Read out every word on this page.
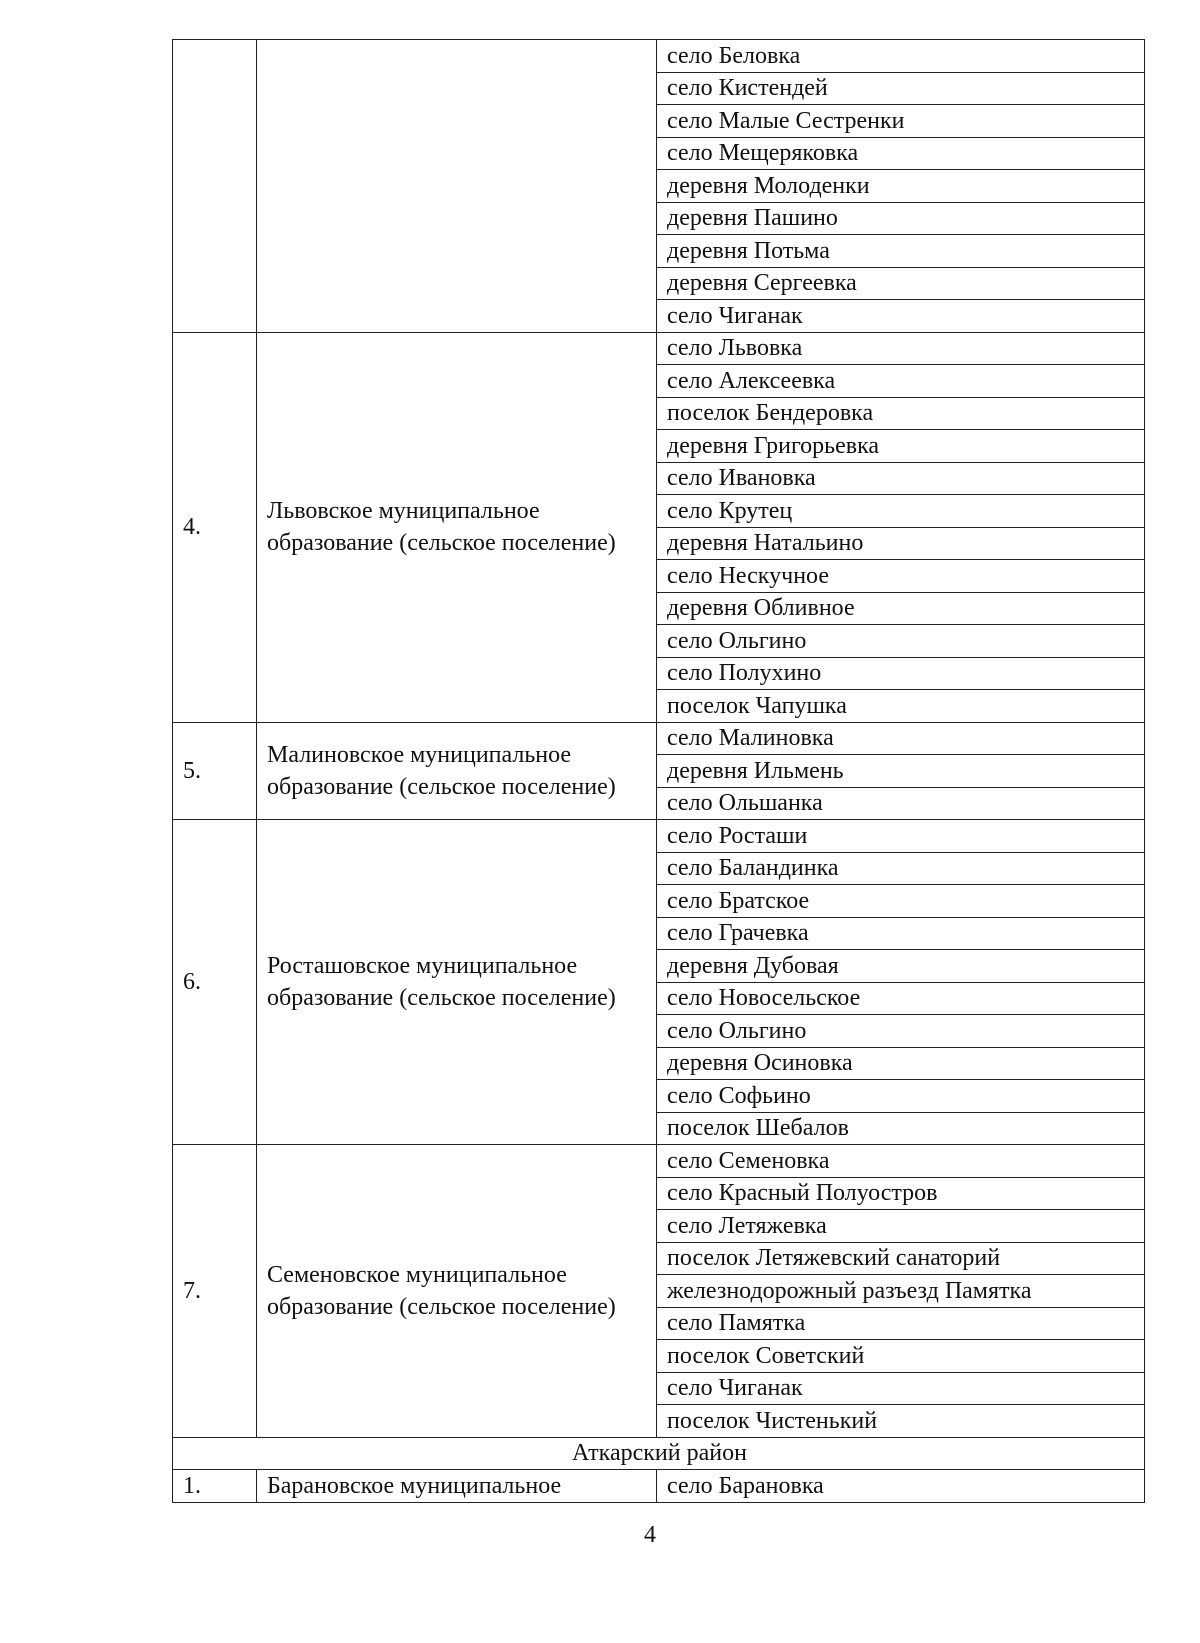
		село Беловка
		село Кистендей
		село Малые Сестренки
		село Мещеряковка
		деревня Молоденки
		деревня Пашино
		деревня Потьма
		деревня Сергеевка
		село Чиганак
4.	Львовское муниципальное образование (сельское поселение)	село Львовка
		село Алексеевка
		поселок Бендеровка
		деревня Григорьевка
		село Ивановка
		село Крутец
		деревня Натальино
		село Нескучное
		деревня Обливное
		село Ольгино
		село Полухино
		поселок Чапушка
5.	Малиновское муниципальное образование (сельское поселение)	село Малиновка
		деревня Ильмень
		село Ольшанка
6.	Росташовское муниципальное образование (сельское поселение)	село Росташи
		село Баландинка
		село Братское
		село Грачевка
		деревня Дубовая
		село Новосельское
		село Ольгино
		деревня Осиновка
		село Софьино
		поселок Шебалов
7.	Семеновское муниципальное образование (сельское поселение)	село Семеновка
		село Красный Полуостров
		село Летяжевка
		поселок Летяжевский санаторий
		железнодорожный разъезд Памятка
		село Памятка
		поселок Советский
		село Чиганак
		поселок Чистенький
Аткарский район		
1.	Барановское муниципальное	село Барановка
4
